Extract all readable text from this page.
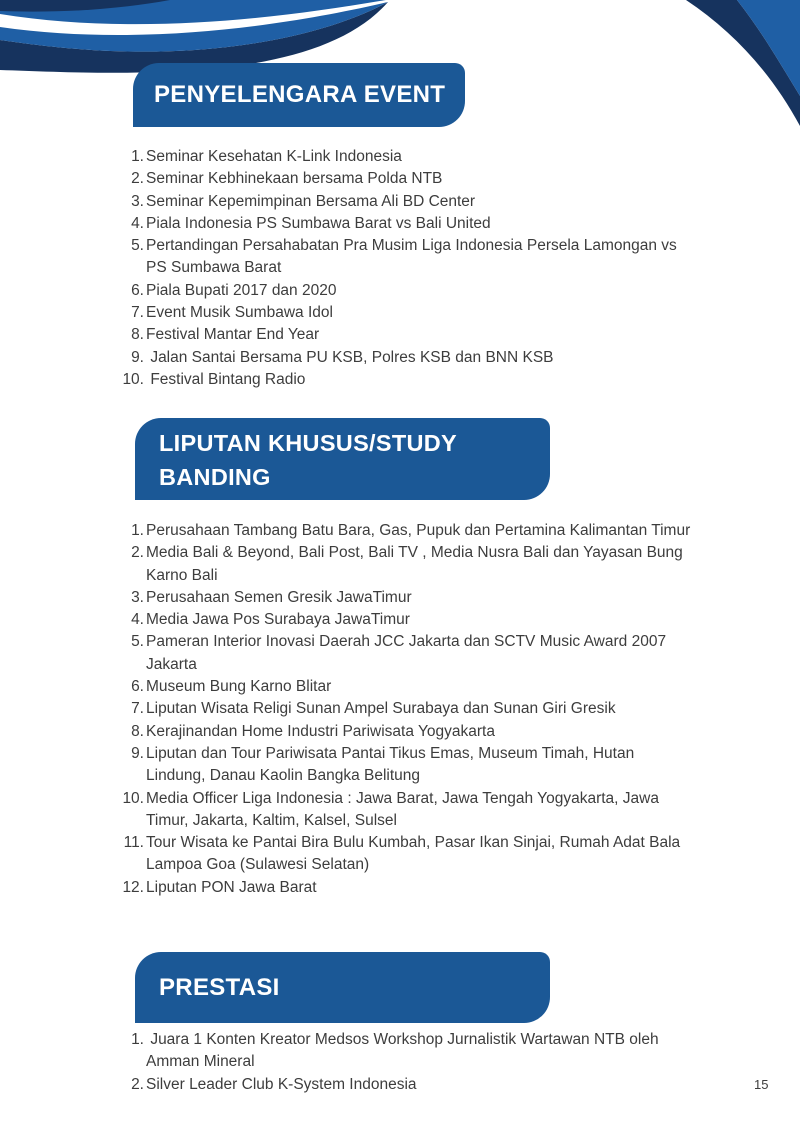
PENYELENGARA EVENT
1. Seminar Kesehatan K-Link Indonesia
2. Seminar Kebhinekaan bersama Polda NTB
3. Seminar Kepemimpinan Bersama Ali BD Center
4. Piala Indonesia PS Sumbawa Barat vs Bali United
5. Pertandingan Persahabatan Pra Musim Liga Indonesia Persela Lamongan vs PS Sumbawa Barat
6. Piala Bupati 2017 dan 2020
7. Event Musik Sumbawa Idol
8. Festival Mantar End Year
9. Jalan Santai Bersama PU KSB, Polres KSB dan BNN KSB
10. Festival Bintang Radio
LIPUTAN KHUSUS/STUDY BANDING
1. Perusahaan Tambang Batu Bara, Gas, Pupuk dan Pertamina Kalimantan Timur
2. Media Bali & Beyond, Bali Post, Bali TV , Media Nusra Bali dan Yayasan Bung Karno Bali
3. Perusahaan Semen Gresik JawaTimur
4. Media Jawa Pos Surabaya JawaTimur
5. Pameran Interior Inovasi Daerah JCC Jakarta dan SCTV Music Award 2007 Jakarta
6. Museum Bung Karno Blitar
7. Liputan Wisata Religi Sunan Ampel Surabaya dan Sunan Giri Gresik
8. Kerajinandan Home Industri Pariwisata Yogyakarta
9. Liputan dan Tour Pariwisata Pantai Tikus Emas, Museum Timah, Hutan Lindung, Danau Kaolin Bangka Belitung
10. Media Officer Liga Indonesia : Jawa Barat, Jawa Tengah Yogyakarta, Jawa Timur, Jakarta, Kaltim, Kalsel, Sulsel
11. Tour Wisata ke Pantai Bira Bulu Kumbah, Pasar Ikan Sinjai, Rumah Adat Bala Lampoa Goa (Sulawesi Selatan)
12. Liputan PON Jawa Barat
PRESTASI
1. Juara 1 Konten Kreator Medsos Workshop Jurnalistik Wartawan NTB oleh Amman Mineral
2. Silver Leader Club K-System Indonesia	15
